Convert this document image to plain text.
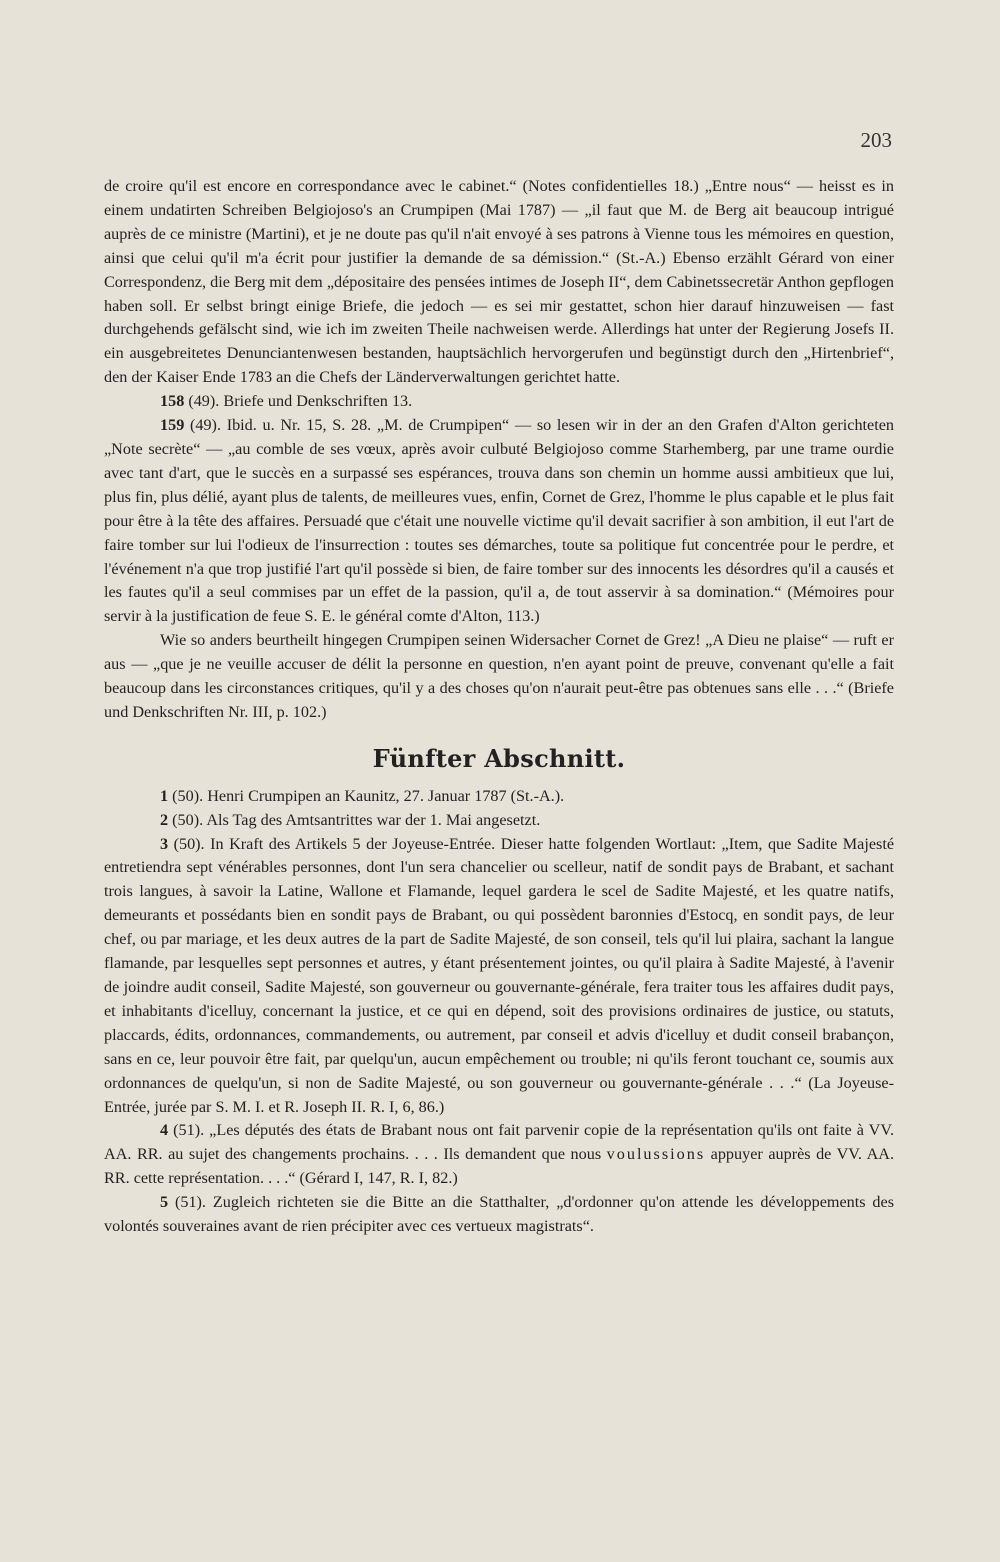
203

de croire qu'il est encore en correspondance avec le cabinet.“ (Notes confidentielles 18.) „Entre nous“ — heisst es in einem undatirten Schreiben Belgiojoso's an Crumpipen (Mai 1787) — „il faut que M. de Berg ait beaucoup intrigué auprès de ce ministre (Martini), et je ne doute pas qu'il n'ait envoyé à ses patrons à Vienne tous les mémoires en question, ainsi que celui qu'il m'a écrit pour justifier la demande de sa démission.“ (St.-A.) Ebenso erzählt Gérard von einer Correspondenz, die Berg mit dem „dépositaire des pensées intimes de Joseph II“, dem Cabinetssecretär Anthon gepflogen haben soll. Er selbst bringt einige Briefe, die jedoch — es sei mir gestattet, schon hier darauf hinzuweisen — fast durchgehends gefälscht sind, wie ich im zweiten Theile nachweisen werde. Allerdings hat unter der Regierung Josefs II. ein ausgebreitetes Denunciantenwesen bestanden, hauptsächlich hervorgerufen und begünstigt durch den „Hirtenbrief“, den der Kaiser Ende 1783 an die Chefs der Länderverwaltungen gerichtet hatte.

158 (49). Briefe und Denkschriften 13.

159 (49). Ibid. u. Nr. 15, S. 28. „M. de Crumpipen“ — so lesen wir in der an den Grafen d'Alton gerichteten „Note secrète“ — „au comble de ses vœux, après avoir culbuté Belgiojoso comme Starhemberg, par une trame ourdie avec tant d'art, que le succès en a surpassé ses espérances, trouva dans son chemin un homme aussi ambitieux que lui, plus fin, plus délié, ayant plus de talents, de meilleures vues, enfin, Cornet de Grez, l'homme le plus capable et le plus fait pour être à la tête des affaires. Persuadé que c'était une nouvelle victime qu'il devait sacrifier à son ambition, il eut l'art de faire tomber sur lui l'odieux de l'insurrection : toutes ses démarches, toute sa politique fut concentrée pour le perdre, et l'événement n'a que trop justifié l'art qu'il possède si bien, de faire tomber sur des innocents les désordres qu'il a causés et les fautes qu'il a seul commises par un effet de la passion, qu'il a, de tout asservir à sa domination.“ (Mémoires pour servir à la justification de feue S. E. le général comte d'Alton, 113.)

Wie so anders beurtheilt hingegen Crumpipen seinen Widersacher Cornet de Grez! „A Dieu ne plaise“ — ruft er aus — „que je ne veuille accuser de délit la personne en question, n'en ayant point de preuve, convenant qu'elle a fait beaucoup dans les circonstances critiques, qu'il y a des choses qu'on n'aurait peut-être pas obtenues sans elle . . .“ (Briefe und Denkschriften Nr. III, p. 102.)

Fünfter Abschnitt.

1 (50). Henri Crumpipen an Kaunitz, 27. Januar 1787 (St.-A.).

2 (50). Als Tag des Amtsantrittes war der 1. Mai angesetzt.

3 (50). In Kraft des Artikels 5 der Joyeuse-Entrée. Dieser hatte folgenden Wortlaut: „Item, que Sadite Majesté entretiendra sept vénérables personnes, dont l'un sera chancelier ou scelleur, natif de sondit pays de Brabant, et sachant trois langues, à savoir la Latine, Wallone et Flamande, lequel gardera le scel de Sadite Majesté, et les quatre natifs, demeurants et possédants bien en sondit pays de Brabant, ou qui possèdent baronnies d'Estocq, en sondit pays, de leur chef, ou par mariage, et les deux autres de la part de Sadite Majesté, de son conseil, tels qu'il lui plaira, sachant la langue flamande, par lesquelles sept personnes et autres, y étant présentement jointes, ou qu'il plaira à Sadite Majesté, à l'avenir de joindre audit conseil, Sadite Majesté, son gouverneur ou gouvernante-générale, fera traiter tous les affaires dudit pays, et inhabitants d'icelluy, concernant la justice, et ce qui en dépend, soit des provisions ordinaires de justice, ou statuts, placcards, édits, ordonnances, commandements, ou autrement, par conseil et advis d'icelluy et dudit conseil brabançon, sans en ce, leur pouvoir être fait, par quelqu'un, aucun empêchement ou trouble; ni qu'ils feront touchant ce, soumis aux ordonnances de quelqu'un, si non de Sadite Majesté, ou son gouverneur ou gouvernante-générale . . .“ (La Joyeuse-Entrée, jurée par S. M. I. et R. Joseph II. R. I, 6, 86.)

4 (51). „Les députés des états de Brabant nous ont fait parvenir copie de la représentation qu'ils ont faite à VV. AA. RR. au sujet des changements prochains. . . . Ils demandent que nous voulussions appuyer auprès de VV. AA. RR. cette représentation. . . .“ (Gérard I, 147, R. I, 82.)

5 (51). Zugleich richteten sie die Bitte an die Statthalter, „d'ordonner qu'on attende les développements des volontés souveraines avant de rien précipiter avec ces vertueux magistrats“.
